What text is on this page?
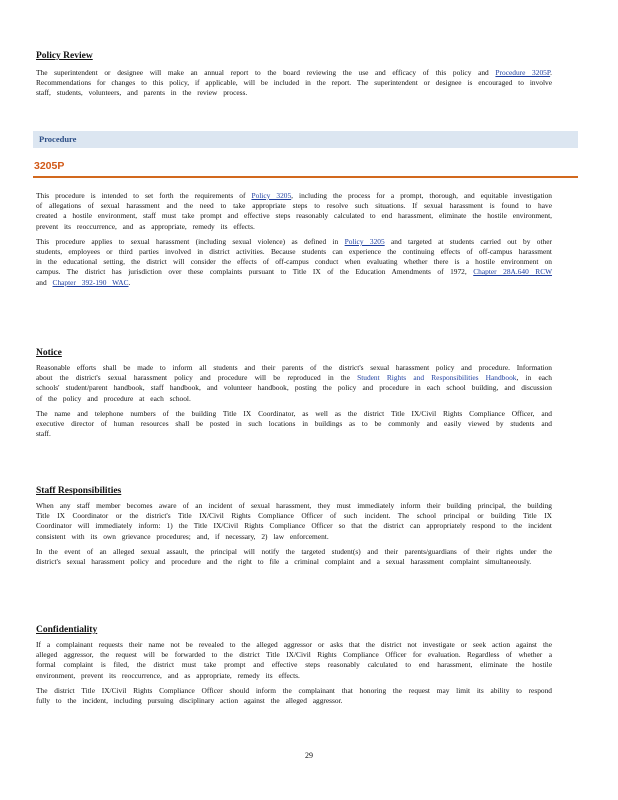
Policy Review

The superintendent or designee will make an annual report to the board reviewing the use and efficacy of this policy and Procedure 3205P. Recommendations for changes to this policy, if applicable, will be included in the report. The superintendent or designee is encouraged to involve staff, students, volunteers, and parents in the review process.

Procedure
3205P

This procedure is intended to set forth the requirements of Policy 3205, including the process for a prompt, thorough, and equitable investigation of allegations of sexual harassment and the need to take appropriate steps to resolve such situations. If sexual harassment is found to have created a hostile environment, staff must take prompt and effective steps reasonably calculated to end harassment, eliminate the hostile environment, prevent its reoccurrence, and as appropriate, remedy its effects.

This procedure applies to sexual harassment (including sexual violence) as defined in Policy 3205 and targeted at students carried out by other students, employees or third parties involved in district activities. Because students can experience the continuing effects of off-campus harassment in the educational setting, the district will consider the effects of off-campus conduct when evaluating whether there is a hostile environment on campus. The district has jurisdiction over these complaints pursuant to Title IX of the Education Amendments of 1972, Chapter 28A.640 RCW and Chapter 392-190 WAC.

Notice

Reasonable efforts shall be made to inform all students and their parents of the district's sexual harassment policy and procedure. Information about the district's sexual harassment policy and procedure will be reproduced in the Student Rights and Responsibilities Handbook, in each schools' student/parent handbook, staff handbook, and volunteer handbook, posting the policy and procedure in each school building, and discussion of the policy and procedure at each school.

The name and telephone numbers of the building Title IX Coordinator, as well as the district Title IX/Civil Rights Compliance Officer, and executive director of human resources shall be posted in such locations in buildings as to be commonly and easily viewed by students and staff.

Staff Responsibilities

When any staff member becomes aware of an incident of sexual harassment, they must immediately inform their building principal, the building Title IX Coordinator or the district's Title IX/Civil Rights Compliance Officer of such incident. The school principal or building Title IX Coordinator will immediately inform: 1) the Title IX/Civil Rights Compliance Officer so that the district can appropriately respond to the incident consistent with its own grievance procedures; and, if necessary, 2) law enforcement.

In the event of an alleged sexual assault, the principal will notify the targeted student(s) and their parents/guardians of their rights under the district's sexual harassment policy and procedure and the right to file a criminal complaint and a sexual harassment complaint simultaneously.

Confidentiality

If a complainant requests their name not be revealed to the alleged aggressor or asks that the district not investigate or seek action against the alleged aggressor, the request will be forwarded to the district Title IX/Civil Rights Compliance Officer for evaluation. Regardless of whether a formal complaint is filed, the district must take prompt and effective steps reasonably calculated to end harassment, eliminate the hostile environment, prevent its reoccurrence, and as appropriate, remedy its effects.

The district Title IX/Civil Rights Compliance Officer should inform the complainant that honoring the request may limit its ability to respond fully to the incident, including pursuing disciplinary action against the alleged aggressor.

29
